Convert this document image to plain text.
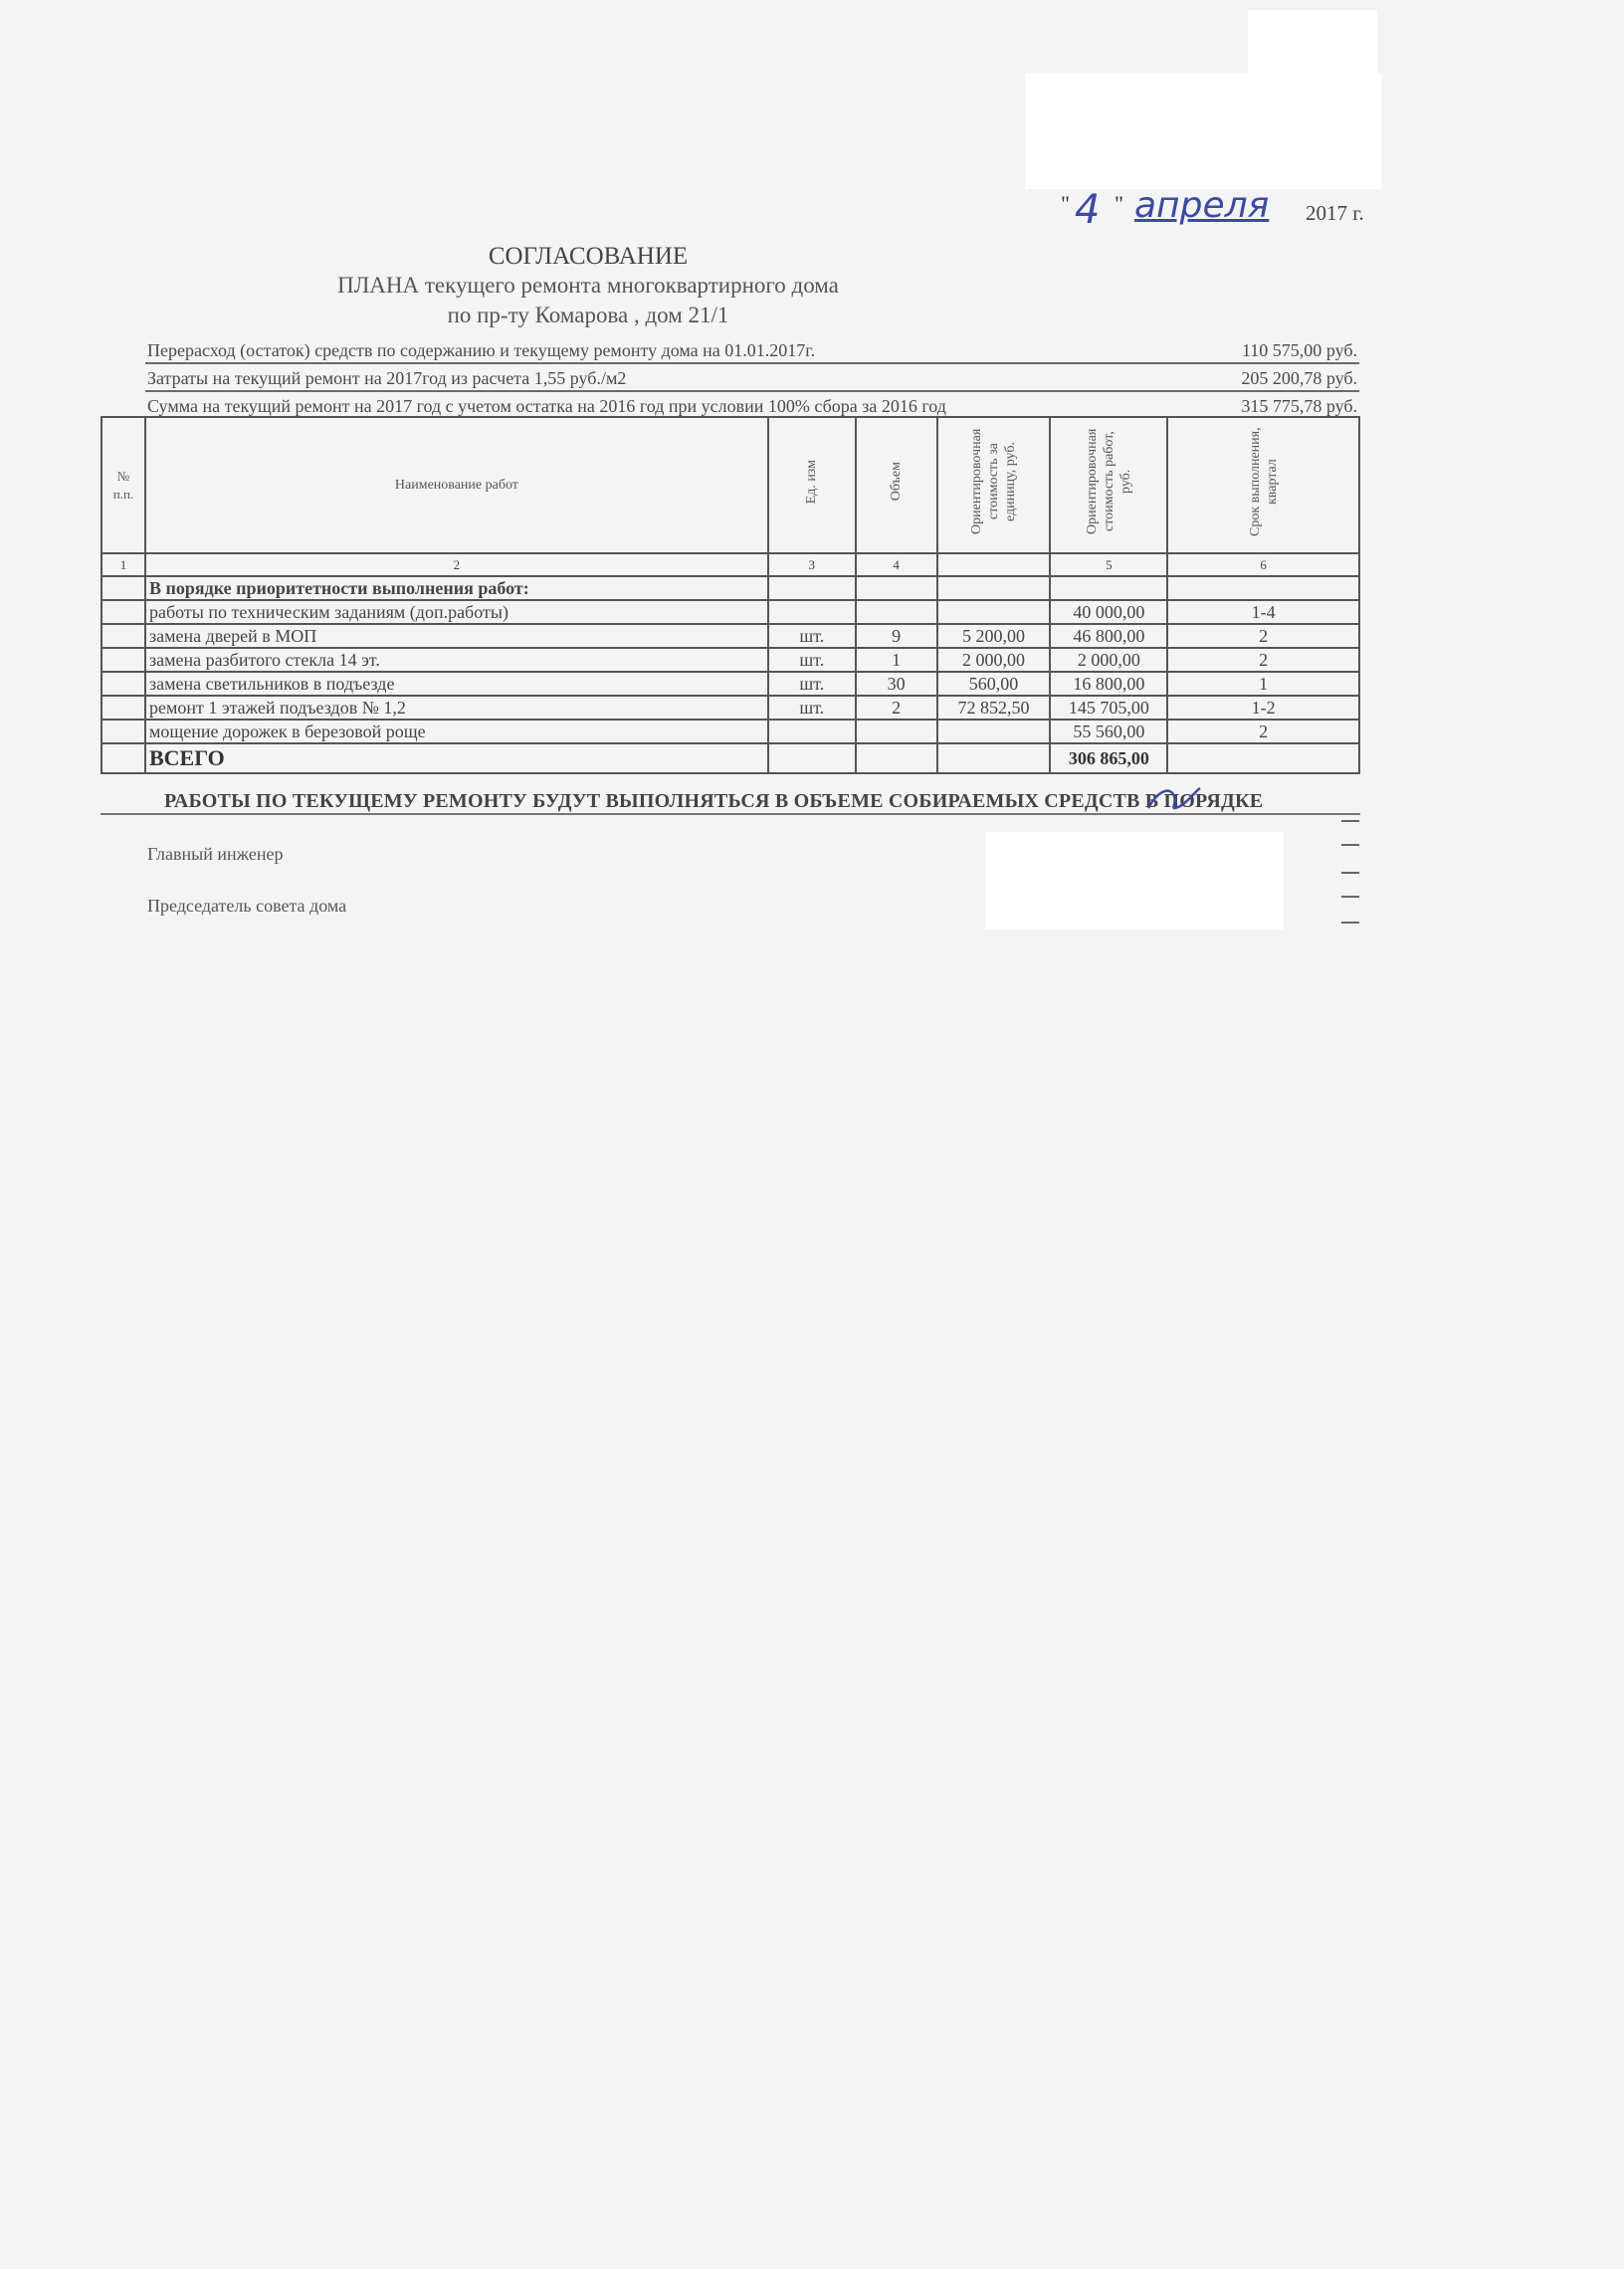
" 4 " апреля 2017 г.
СОГЛАСОВАНИЕ
ПЛАНА текущего ремонта многоквартирного дома
по пр-ту Комарова , дом 21/1
Перерасход (остаток) средств по содержанию и текущему ремонту дома на 01.01.2017г.	110 575,00 руб.
Затраты на текущий ремонт на 2017год из расчета 1,55 руб./м2	205 200,78 руб.
Сумма на текущий ремонт на 2017 год с учетом остатка на 2016 год при условии 100% сбора за 2016 год	315 775,78 руб.
№ п.п.	Наименование работ	Ед. изм	Объем	Ориентировочная стоимость за единицу, руб.	Ориентировочная стоимость работ, руб.	Срок выполнения, квартал
1	2	3	4		5	6
	В порядке приоритетности выполнения работ:					
	работы по техническим заданиям (доп.работы)				40 000,00	1-4
	замена дверей в МОП	шт.	9	5 200,00	46 800,00	2
	замена разбитого стекла 14 эт.	шт.	1	2 000,00	2 000,00	2
	замена светильников в подъезде	шт.	30	560,00	16 800,00	1
	ремонт 1 этажей подъездов № 1,2	шт.	2	72 852,50	145 705,00	1-2
	мощение дорожек в березовой роще				55 560,00	2
	ВСЕГО				306 865,00	
РАБОТЫ ПО ТЕКУЩЕМУ РЕМОНТУ БУДУТ ВЫПОЛНЯТЬСЯ В ОБЪЕМЕ СОБИРАЕМЫХ СРЕДСТВ В ПОРЯДКЕ
Главный инженер
Председатель совета дома
